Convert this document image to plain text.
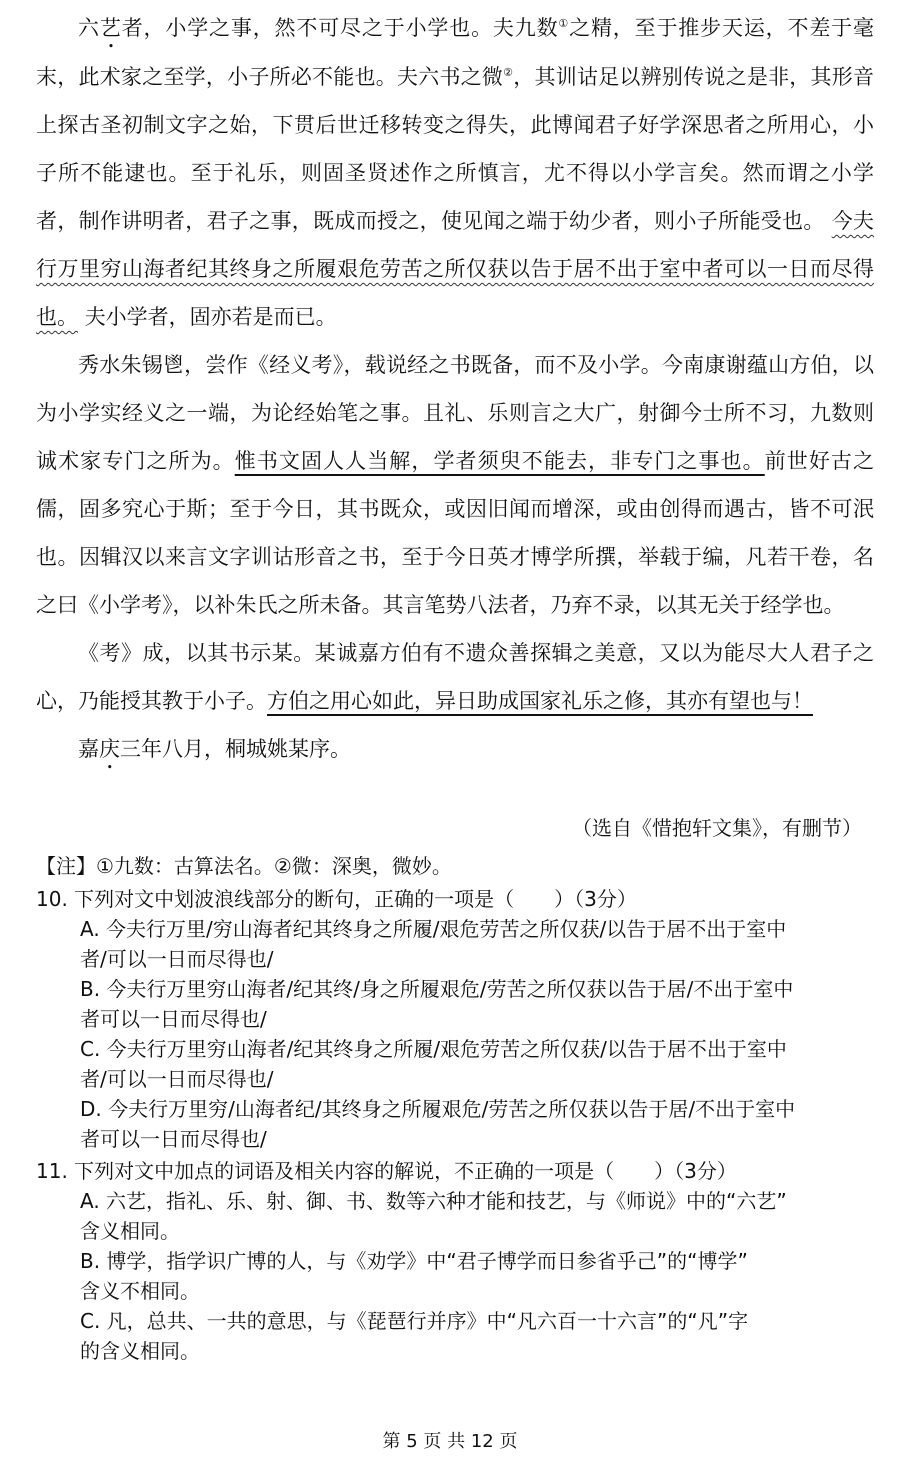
六艺者，小学之事，然不可尽之于小学也。夫九数①之精，至于推步天运，不差于毫末，此术家之至学，小子所必不能也。夫六书之微②，其训诂足以辨别传说之是非，其形音上探古圣初制文字之始，下贯后世迁移转变之得失，此博闻君子好学深思者之所用心，小子所不能逮也。至于礼乐，则固圣贤述作之所慎言，尤不得以小学言矣。然而谓之小学者，制作讲明者，君子之事，既成而授之，使见闻之端于幼少者，则小子所能受也。 今夫行万里穷山海者纪其终身之所履艰危劳苦之所仅获以告于居不出于室中者可以一日而尽得也。 夫小学者，固亦若是而已。

秀水朱锡鬯，尝作《经义考》，载说经之书既备，而不及小学。今南康谢蕴山方伯，以为小学实经义之一端，为论经始笔之事。且礼、乐则言之大广，射御今士所不习，九数则诚术家专门之所为。惟书文固人人当解，学者须臾不能去，非专门之事也。前世好古之儒，固多究心于斯；至于今日，其书既众，或因旧闻而增深，或由创得而遇古，皆不可泯也。因辑汉以来言文字训诂形音之书，至于今日英才博学所撰，举载于编，凡若干卷，名之曰《小学考》，以补朱氏之所未备。其言笔势八法者，乃弃不录，以其无关于经学也。

《考》成，以其书示某。某诚嘉方伯有不遗众善探辑之美意，又以为能尽大人君子之心，乃能授其教于小子。方伯之用心如此，异日助成国家礼乐之修，其亦有望也与！

嘉庆三年八月，桐城姚某序。

（选自《惜抱轩文集》，有删节）
【注】①九数：古算法名。②微：深奥，微妙。
10. 下列对文中划波浪线部分的断句，正确的一项是（　　）（3分）
A. 今夫行万里/穷山海者纪其终身之所履/艰危劳苦之所仅获/以告于居不出于室中
者/可以一日而尽得也/
B. 今夫行万里穷山海者/纪其终/身之所履艰危/劳苦之所仅获以告于居/不出于室中
者可以一日而尽得也/
C. 今夫行万里穷山海者/纪其终身之所履/艰危劳苦之所仅获/以告于居不出于室中
者/可以一日而尽得也/
D. 今夫行万里穷/山海者纪/其终身之所履艰危/劳苦之所仅获以告于居/不出于室中
者可以一日而尽得也/
11. 下列对文中加点的词语及相关内容的解说，不正确的一项是（　　）（3分）
A. 六艺，指礼、乐、射、御、书、数等六种才能和技艺，与《师说》中的“六艺”
含义相同。
B. 博学，指学识广博的人，与《劝学》中“君子博学而日参省乎己”的“博学”
含义不相同。
C. 凡，总共、一共的意思，与《琵琶行并序》中“凡六百一十六言”的“凡”字
的含义相同。
第 5 页 共 12 页
